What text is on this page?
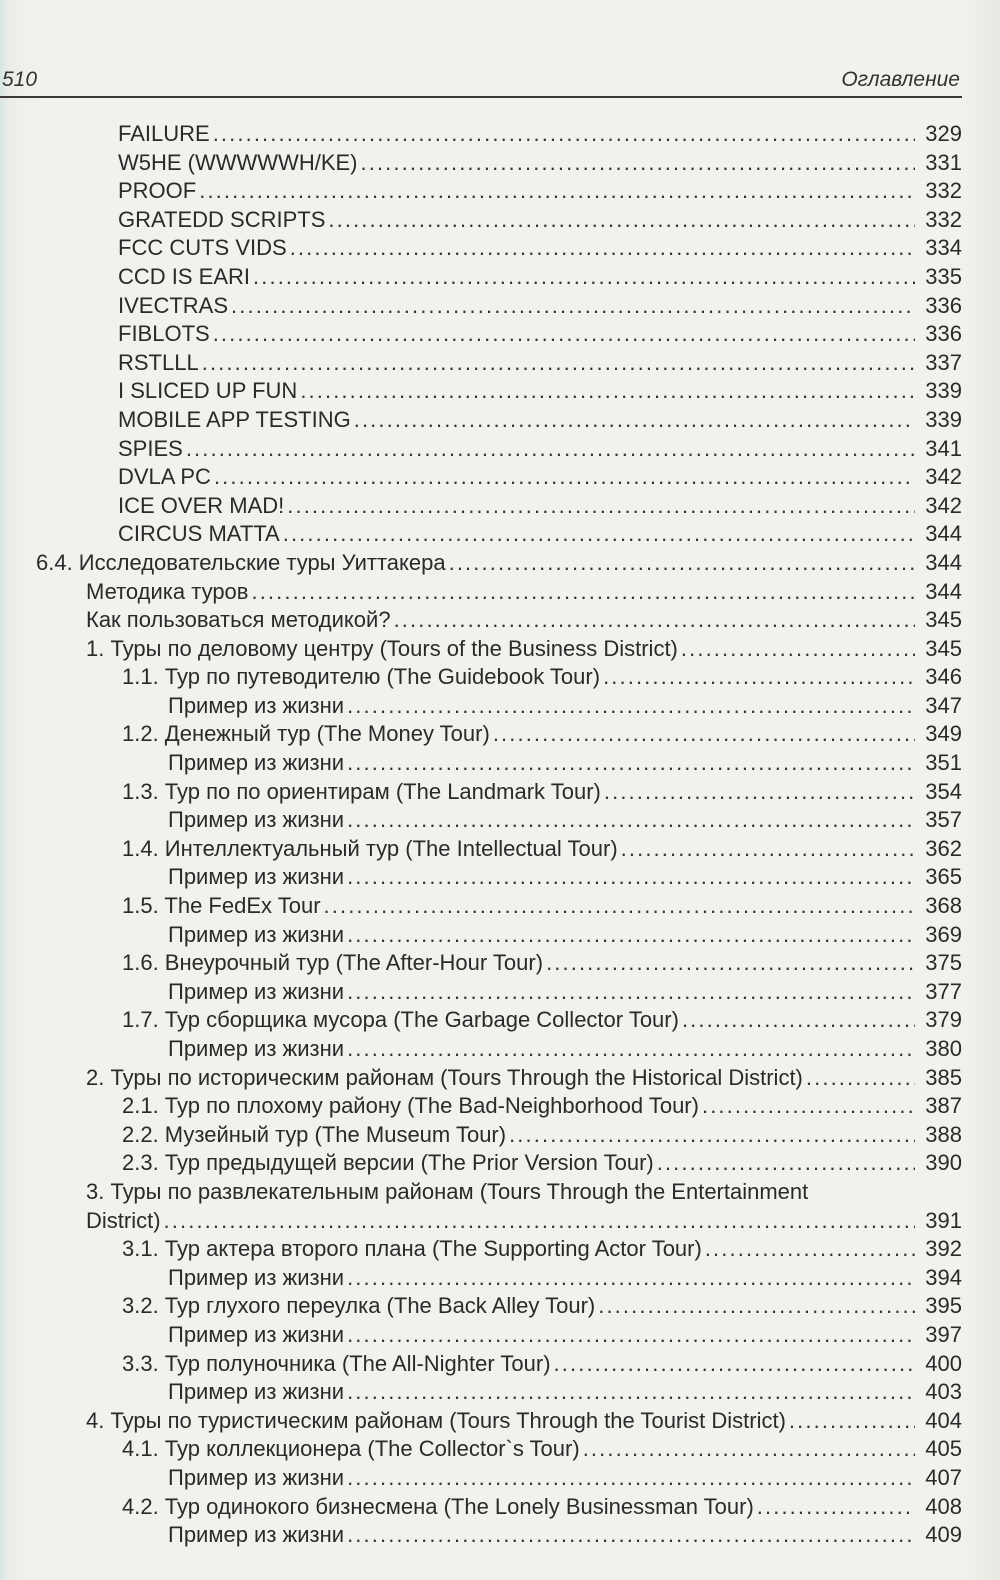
510	Оглавление
FAILURE . . .	329
W5HE (WWWWWH/KE) . . .	331
PROOF . . .	332
GRATEDD SCRIPTS . . .	332
FCC CUTS VIDS . . .	334
CCD IS EARI . . .	335
IVECTRAS . . .	336
FIBLOTS . . .	336
RSTLLL . . .	337
I SLICED UP FUN . . .	339
MOBILE APP TESTING . . .	339
SPIES . . .	341
DVLA PC . . .	342
ICE OVER MAD! . . .	342
CIRCUS MATTA . . .	344
6.4. Исследовательские туры Уиттакера . . .	344
Методика туров . . .	344
Как пользоваться методикой? . . .	345
1. Туры по деловому центру (Tours of the Business District) . . .	345
1.1. Тур по путеводителю (The Guidebook Tour) . . .	346
Пример из жизни . . .	347
1.2. Денежный тур (The Money Tour) . . .	349
Пример из жизни . . .	351
1.3. Тур по по ориентирам (The Landmark Tour) . . .	354
Пример из жизни . . .	357
1.4. Интеллектуальный тур (The Intellectual Tour) . . .	362
Пример из жизни . . .	365
1.5. The FedEx Tour . . .	368
Пример из жизни . . .	369
1.6. Внеурочный тур (The After-Hour Tour) . . .	375
Пример из жизни . . .	377
1.7. Тур сборщика мусора (The Garbage Collector Tour) . . .	379
Пример из жизни . . .	380
2. Туры по историческим районам (Tours Through the Historical District) . . .	385
2.1. Тур по плохому району (The Bad-Neighborhood Tour) . . .	387
2.2. Музейный тур (The Museum Tour) . . .	388
2.3. Тур предыдущей версии (The Prior Version Tour) . . .	390
3. Туры по развлекательным районам (Tours Through the Entertainment
District) . . .	391
3.1. Тур актера второго плана (The Supporting Actor Tour) . . .	392
Пример из жизни . . .	394
3.2. Тур глухого переулка (The Back Alley Tour) . . .	395
Пример из жизни . . .	397
3.3. Тур полуночника (The All-Nighter Tour) . . .	400
Пример из жизни . . .	403
4. Туры по туристическим районам (Tours Through the Tourist District) . . .	404
4.1. Тур коллекционера (The Collector`s Tour) . . .	405
Пример из жизни . . .	407
4.2. Тур одинокого бизнесмена (The Lonely Businessman Tour) . . .	408
Пример из жизни . . .	409
